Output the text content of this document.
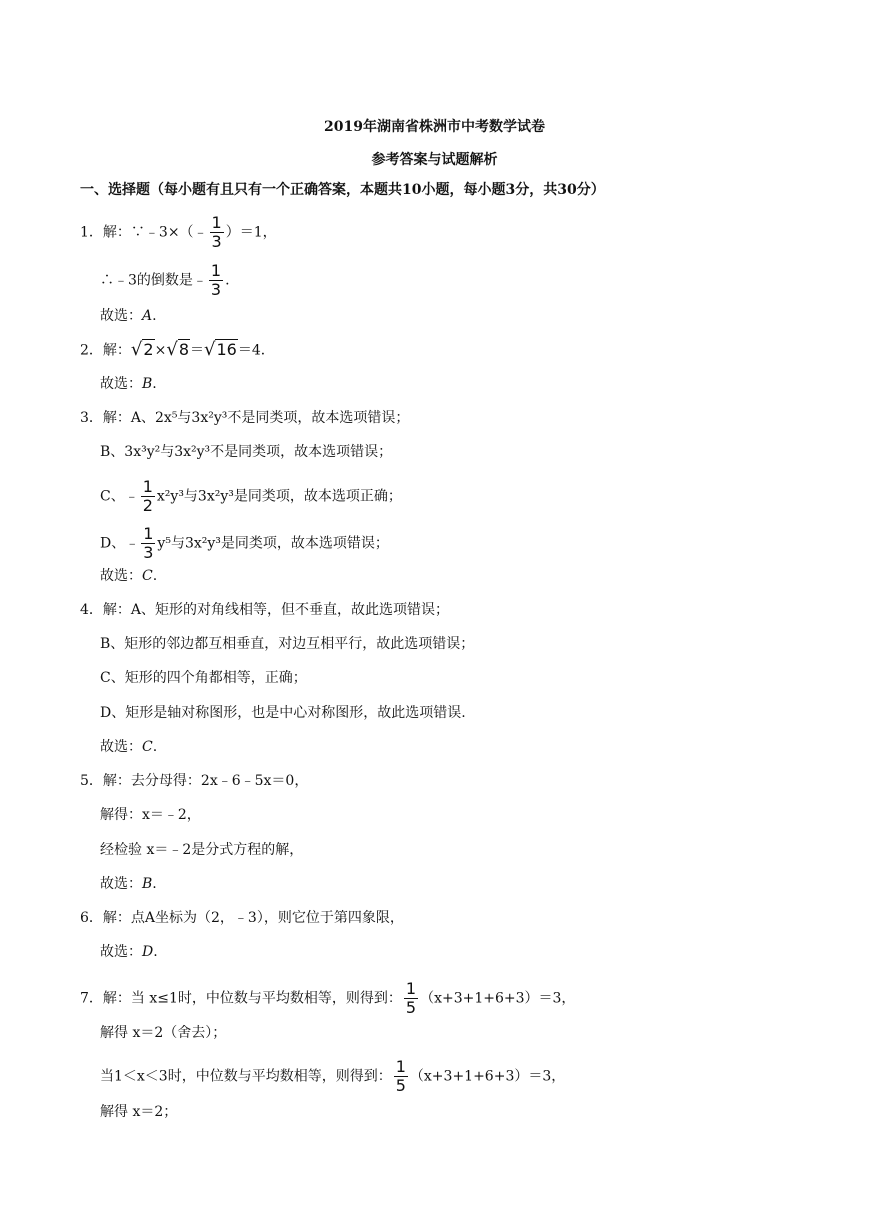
2019年湖南省株洲市中考数学试卷
参考答案与试题解析
一、选择题（每小题有且只有一个正确答案，本题共10小题，每小题3分，共30分）
1．解：∵﹣3×（﹣ $\frac{1}{3} )=1$，
∴﹣3的倒数是﹣ $\frac{1}{3}$ .
故选：A.
2．解：√2×√8＝√16＝4．
故选：B.
3．解：A、2x⁵与3x²y³不是同类项，故本选项错误；
B、3x³y²与3x²y³不是同类项，故本选项错误；
C、﹣ $\frac{1}{2} x^2y^3$与3x²y³是同类项，故本选项正确；
D、﹣ $\frac{1}{3} y^5$与3x²y³是同类项，故本选项错误；
故选：C.
4．解：A、矩形的对角线相等，但不垂直，故此选项错误；
B、矩形的邻边都互相垂直，对边互相平行，故此选项错误；
C、矩形的四个角都相等，正确；
D、矩形是轴对称图形，也是中心对称图形，故此选项错误.
故选：C.
5．解：去分母得：2x﹣6﹣5x＝0，
解得：x＝﹣2，
经检验 x＝﹣2是分式方程的解，
故选：B.
6．解：点A坐标为（2，﹣3），则它位于第四象限，
故选：D.
7．解：当 x≤1时，中位数与平均数相等，则得到： $\frac{1}{5} (x+3+1+6+3)=3$，
解得 x＝2（舍去）；
当1＜x＜3时，中位数与平均数相等，则得到： $\frac{1}{5} (x+3+1+6+3)=3$，
解得 x＝2；
